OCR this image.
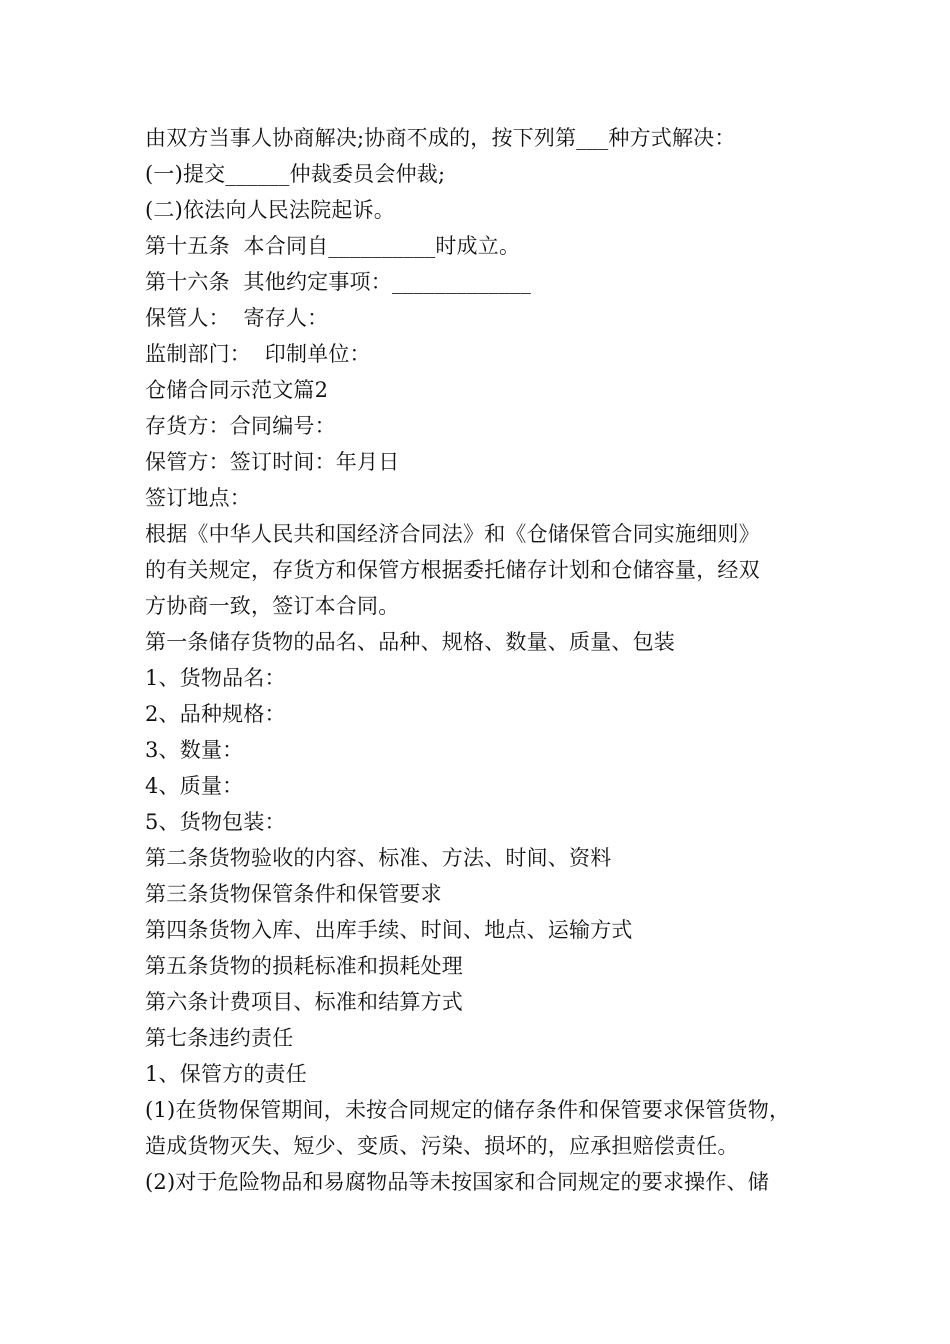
由双方当事人协商解决;协商不成的，按下列第___种方式解决：
(一)提交______仲裁委员会仲裁;
(二)依法向人民法院起诉。
第十五条  本合同自__________时成立。
第十六条  其他约定事项：_____________
保管人：  寄存人：
监制部门：  印制单位：
仓储合同示范文篇2
存货方：合同编号：
保管方：签订时间：年月日
签订地点：
根据《中华人民共和国经济合同法》和《仓储保管合同实施细则》
的有关规定，存货方和保管方根据委托储存计划和仓储容量，经双
方协商一致，签订本合同。
第一条储存货物的品名、品种、规格、数量、质量、包装
1、货物品名：
2、品种规格：
3、数量：
4、质量：
5、货物包装：
第二条货物验收的内容、标准、方法、时间、资料
第三条货物保管条件和保管要求
第四条货物入库、出库手续、时间、地点、运输方式
第五条货物的损耗标准和损耗处理
第六条计费项目、标准和结算方式
第七条违约责任
1、保管方的责任
(1)在货物保管期间，未按合同规定的储存条件和保管要求保管货物，
造成货物灭失、短少、变质、污染、损坏的，应承担赔偿责任。
(2)对于危险物品和易腐物品等未按国家和合同规定的要求操作、储
